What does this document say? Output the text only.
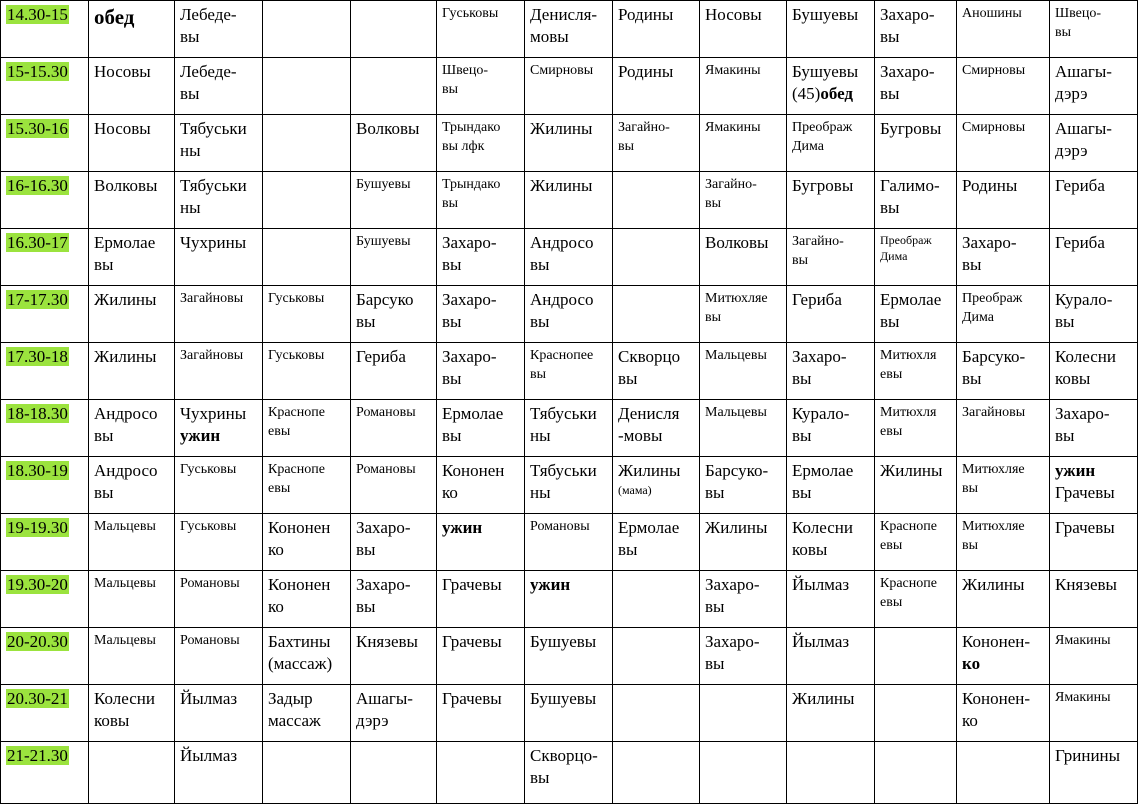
14.30-15	обед	Лебеде-
вы			Гуськовы	Денисля-
мовы	Родины	Носовы	Бушуевы	Захаро-
вы	Аношины	Швецо-
вы

15-15.30	Носовы	Лебеде-
вы			Швецо-
вы	Смирновы	Родины	Ямакины	Бушуевы
(45)обед	Захаро-
вы	Смирновы	Ашагы-
дэрэ

15.30-16	Носовы	Тябуськи
ны		Волковы	Трындако
вы лфк	Жилины	Загайно-
вы	Ямакины	Преображ
Дима	Бугровы	Смирновы	Ашагы-
дэрэ

16-16.30	Волковы	Тябуськи
ны		Бушуевы	Трындако
вы	Жилины		Загайно-
вы	Бугровы	Галимо-
вы	Родины	Гериба

16.30-17	Ермолае
вы	Чухрины		Бушуевы	Захаро-
вы	Андросо
вы		Волковы	Загайно-
вы	Преображ
Дима	Захаро-
вы	Гериба

17-17.30	Жилины	Загайновы	Гуськовы	Барсуко
вы	Захаро-
вы	Андросо
вы		Митюхляе
вы	Гериба	Ермолае
вы	Преображ
Дима	Курало-
вы

17.30-18	Жилины	Загайновы	Гуськовы	Гериба	Захаро-
вы	Краснопее
вы	Скворцо
вы	Мальцевы	Захаро-
вы	Митюхля
евы	Барсуко-
вы	Колесни
ковы

18-18.30	Андросо
вы	Чухрины
ужин	Краснопе
евы	Романовы	Ермолае
вы	Тябуськи
ны	Денисля
-мовы	Мальцевы	Курало-
вы	Митюхля
евы	Загайновы	Захаро-
вы

18.30-19	Андросо
вы	Гуськовы	Краснопе
евы	Романовы	Кононен
ко	Тябуськи
ны	Жилины
(мама)	Барсуко-
вы	Ермолае
вы	Жилины	Митюхляе
вы	ужин
Грачевы

19-19.30	Мальцевы	Гуськовы	Кононен
ко	Захаро-
вы	ужин	Романовы	Ермолае
вы	Жилины	Колесни
ковы	Краснопе
евы	Митюхляе
вы	Грачевы

19.30-20	Мальцевы	Романовы	Кононен
ко	Захаро-
вы	Грачевы	ужин		Захаро-
вы	Йылмаз	Краснопе
евы	Жилины	Князевы

20-20.30	Мальцевы	Романовы	Бахтины
(массаж)	Князевы	Грачевы	Бушуевы		Захаро-
вы	Йылмаз		Кононен-
ко	Ямакины

20.30-21	Колесни
ковы	Йылмаз	Задыр
массаж	Ашагы-
дэрэ	Грачевы	Бушуевы			Жилины		Кононен-
ко	Ямакины

21-21.30		Йылмаз				Скворцо-
вы						Гринины
